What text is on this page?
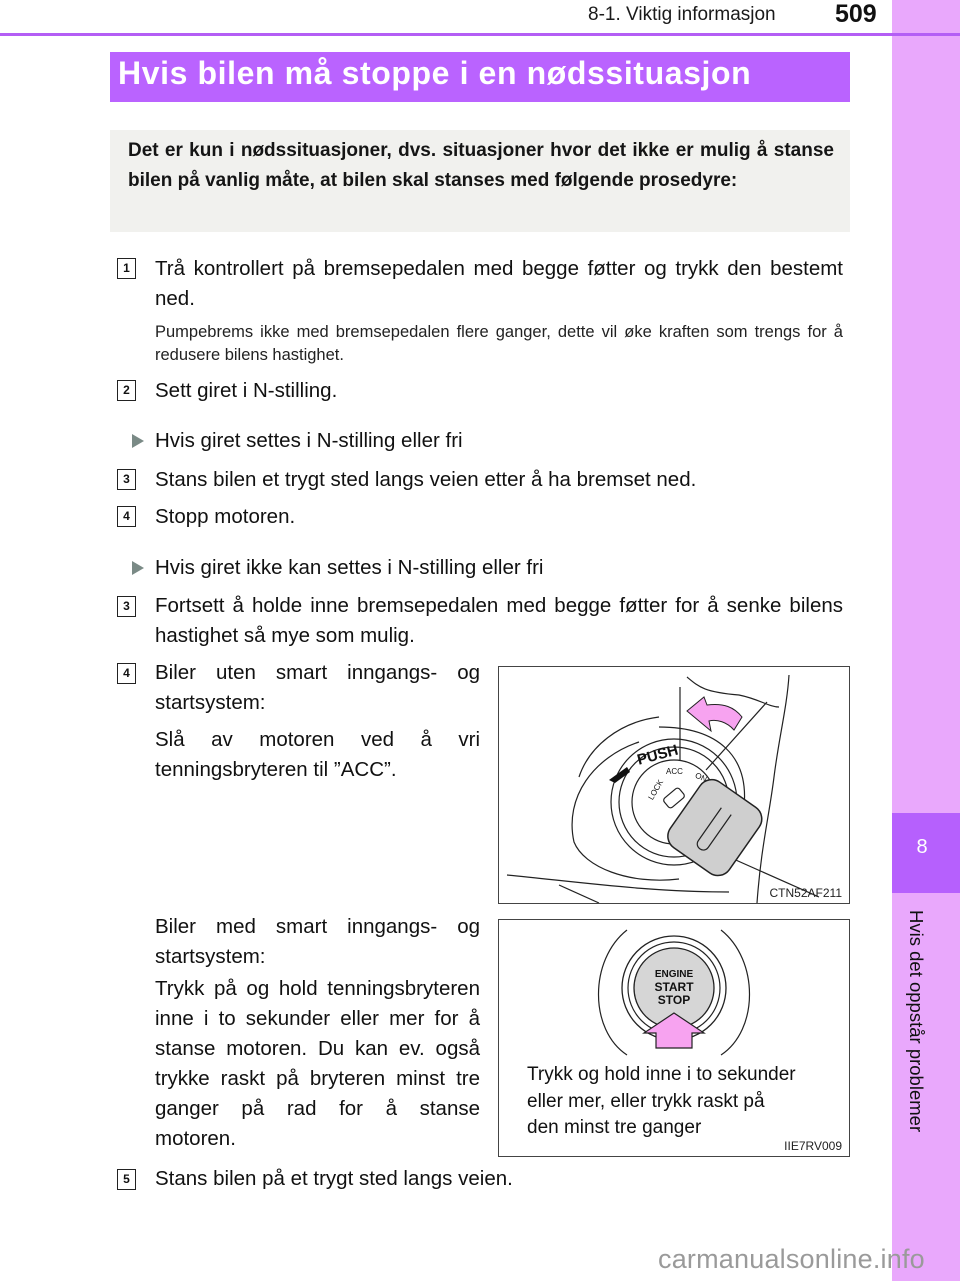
8
Hvis det oppstår problemer
8-1. Viktig informasjon 509
Hvis bilen må stoppe i en nødssituasjon
Det er kun i nødssituasjoner, dvs. situasjoner hvor det ikke er mulig å stanse bilen på vanlig måte, at bilen skal stanses med følgende prosedyre:
1	Trå kontrollert på bremsepedalen med begge føtter og trykk den bestemt ned.
Pumpebrems ikke med bremsepedalen flere ganger, dette vil øke kraften som trengs for å redusere bilens hastighet.
2	Sett giret i N-stilling.
Hvis giret settes i N-stilling eller fri
3	Stans bilen et trygt sted langs veien etter å ha bremset ned.
4	Stopp motoren.
Hvis giret ikke kan settes i N-stilling eller fri
3	Fortsett å holde inne bremsepedalen med begge føtter for å senke bilens hastighet så mye som mulig.
4	Biler uten smart inngangs- og startsystem:
Slå av motoren ved å vri tenningsbryteren til ”ACC”.
Biler med smart inngangs- og startsystem:
Trykk på og hold tenningsbryteren inne i to sekunder eller mer for å stanse motoren. Du kan ev. også trykke raskt på bryteren minst tre ganger på rad for å stanse motoren.
5	Stans bilen på et trygt sted langs veien.
PUSH
ACC ON
LOCK
CTN52AF211
ENGINE
START
STOP
Trykk og hold inne i to sekunder
eller mer, eller trykk raskt på
den minst tre ganger
IIE7RV009
carmanualsonline.info
